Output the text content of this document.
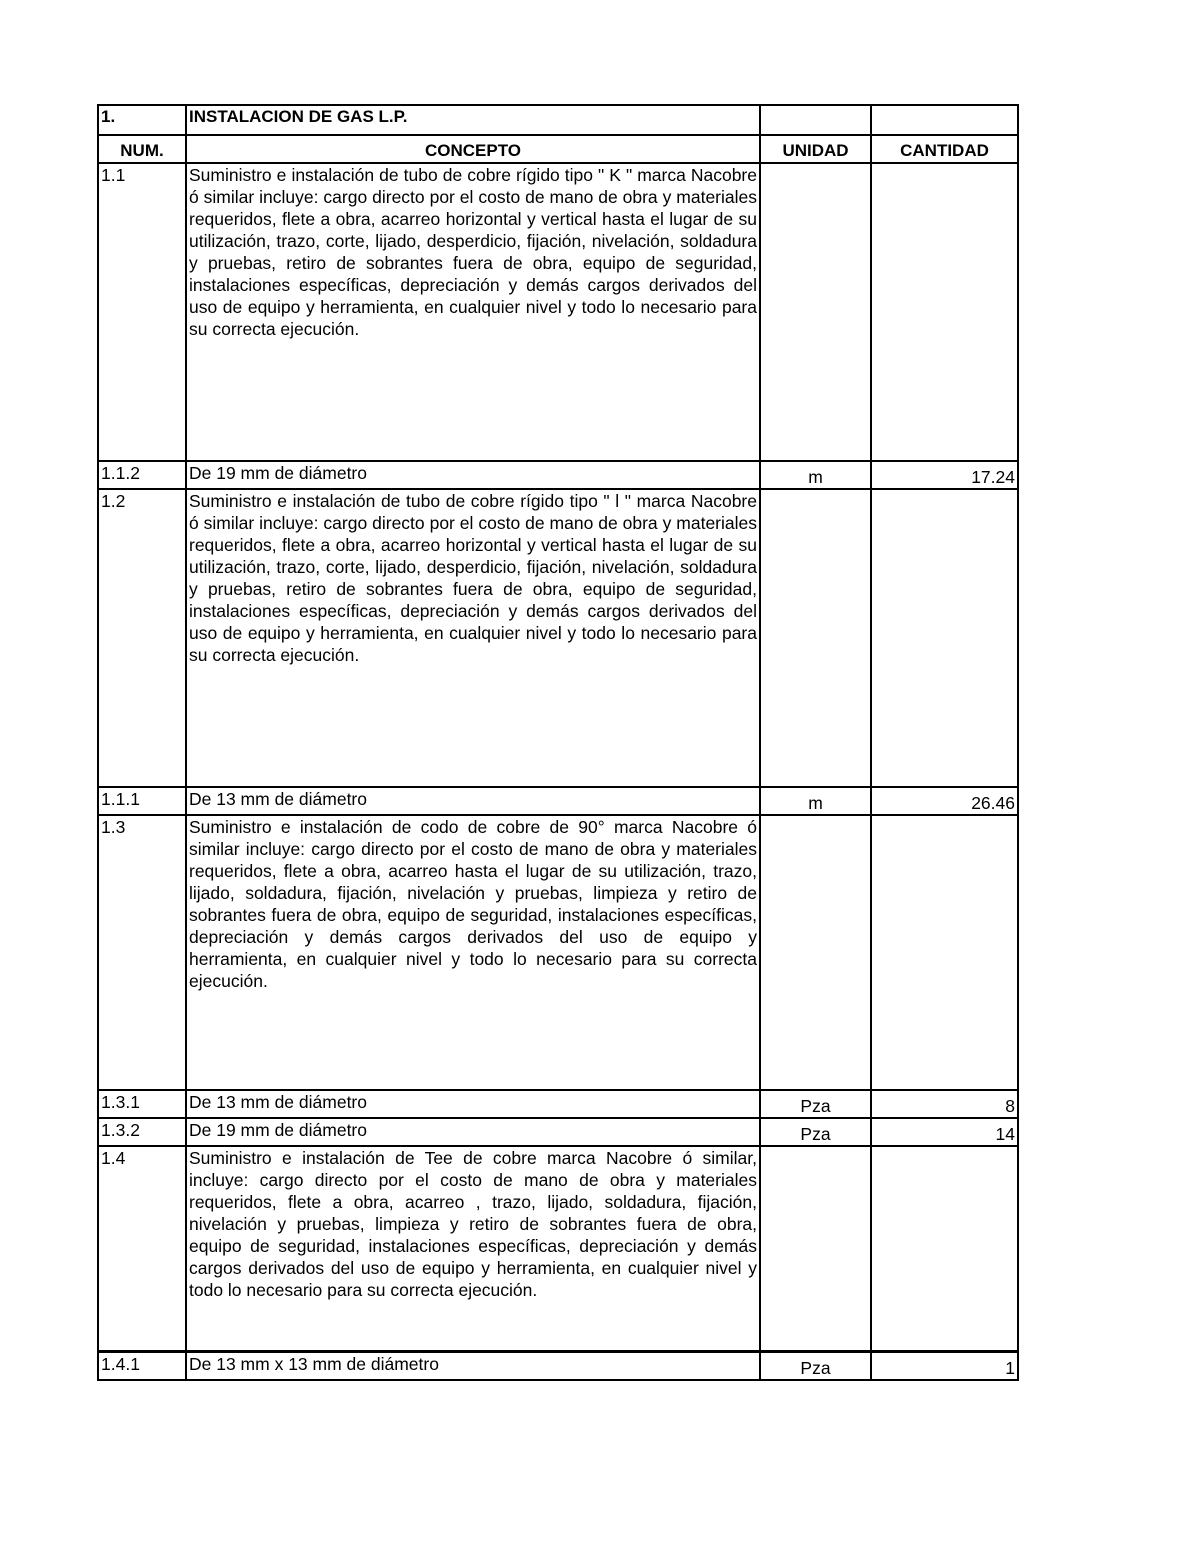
1.	INSTALACION DE GAS L.P.		
NUM.	CONCEPTO	UNIDAD	CANTIDAD
1.1	Suministro e instalación de tubo de cobre rígido tipo " K " marca Nacobre ó similar incluye: cargo directo por el costo de mano de obra y materiales requeridos, flete a obra, acarreo horizontal y vertical hasta el lugar de su utilización, trazo, corte, lijado, desperdicio, fijación, nivelación, soldadura y pruebas, retiro de sobrantes fuera de obra, equipo de seguridad, instalaciones específicas, depreciación y demás cargos derivados del uso de equipo y herramienta, en cualquier nivel y todo lo necesario para su correcta ejecución.		
1.1.2	De 19 mm de diámetro	m	17.24
1.2	Suministro e instalación de tubo de cobre rígido tipo " l " marca Nacobre ó similar incluye: cargo directo por el costo de mano de obra y materiales requeridos, flete a obra, acarreo horizontal y vertical hasta el lugar de su utilización, trazo, corte, lijado, desperdicio, fijación, nivelación, soldadura y pruebas, retiro de sobrantes fuera de obra, equipo de seguridad, instalaciones específicas, depreciación y demás cargos derivados del uso de equipo y herramienta, en cualquier nivel y todo lo necesario para su correcta ejecución.		
1.1.1	De 13 mm de diámetro	m	26.46
1.3	Suministro e instalación de codo de cobre de 90° marca Nacobre ó similar incluye: cargo directo por el costo de mano de obra y materiales requeridos, flete a obra, acarreo hasta el lugar de su utilización, trazo, lijado, soldadura, fijación, nivelación y pruebas, limpieza y retiro de sobrantes fuera de obra, equipo de seguridad, instalaciones específicas, depreciación y demás cargos derivados del uso de equipo y herramienta, en cualquier nivel y todo lo necesario para su correcta ejecución.		
1.3.1	De 13 mm de diámetro	Pza	8
1.3.2	De 19 mm de diámetro	Pza	14
1.4	Suministro e instalación de Tee de cobre marca Nacobre ó similar, incluye: cargo directo por el costo de mano de obra y materiales requeridos, flete a obra, acarreo , trazo, lijado, soldadura, fijación, nivelación y pruebas, limpieza y retiro de sobrantes fuera de obra, equipo de seguridad, instalaciones específicas, depreciación y demás cargos derivados del uso de equipo y herramienta, en cualquier nivel y todo lo necesario para su correcta ejecución.		
1.4.1	De 13 mm x 13 mm de diámetro	Pza	1
